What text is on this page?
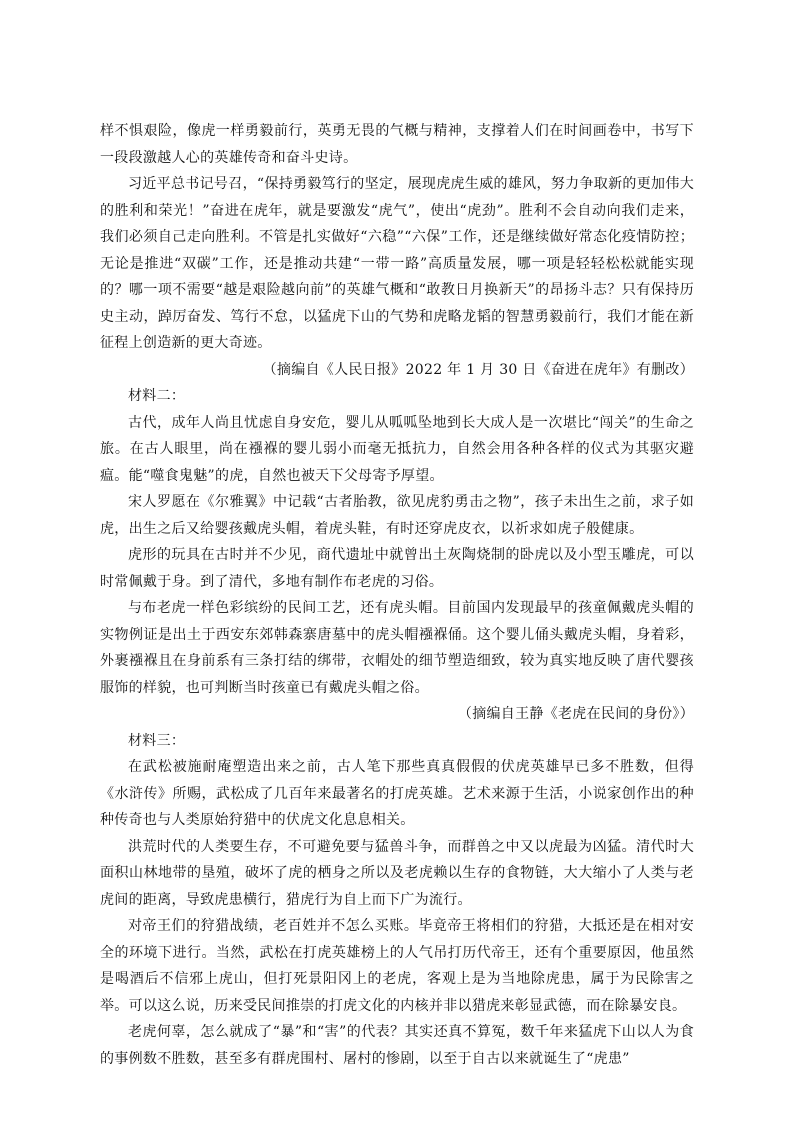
样不惧艰险，像虎一样勇毅前行，英勇无畏的气概与精神，支撑着人们在时间画卷中，书写下一段段激越人心的英雄传奇和奋斗史诗。

习近平总书记号召，“保持勇毅笃行的坚定，展现虎虎生威的雄风，努力争取新的更加伟大的胜利和荣光！”奋进在虎年，就是要激发“虎气”，使出“虎劲”。胜利不会自动向我们走来，我们必须自己走向胜利。不管是扎实做好“六稳”“六保”工作，还是继续做好常态化疫情防控；无论是推进“双碳”工作，还是推动共建“一带一路”高质量发展，哪一项是轻轻松松就能实现的？哪一项不需要“越是艰险越向前”的英雄气概和“敢教日月换新天”的昂扬斗志？只有保持历史主动，踔厉奋发、笃行不怠，以猛虎下山的气势和虎略龙韬的智慧勇毅前行，我们才能在新征程上创造新的更大奇迹。

（摘编自《人民日报》2022 年 1 月 30 日《奋进在虎年》有删改）

材料二：

古代，成年人尚且忧虑自身安危，婴儿从呱呱坠地到长大成人是一次堪比“闯关”的生命之旅。在古人眼里，尚在襁褓的婴儿弱小而毫无抵抗力，自然会用各种各样的仪式为其驱灾避瘟。能“噬食鬼魅”的虎，自然也被天下父母寄予厚望。

宋人罗愿在《尔雅翼》中记载“古者胎教，欲见虎豹勇击之物”，孩子未出生之前，求子如虎，出生之后又给婴孩戴虎头帽，着虎头鞋，有时还穿虎皮衣，以祈求如虎子般健康。

虎形的玩具在古时并不少见，商代遗址中就曾出土灰陶烧制的卧虎以及小型玉雕虎，可以时常佩戴于身。到了清代，多地有制作布老虎的习俗。

与布老虎一样色彩缤纷的民间工艺，还有虎头帽。目前国内发现最早的孩童佩戴虎头帽的实物例证是出土于西安东郊韩森寨唐墓中的虎头帽襁褓俑。这个婴儿俑头戴虎头帽，身着彩，外裹襁褓且在身前系有三条打结的绑带，衣帽处的细节塑造细致，较为真实地反映了唐代婴孩服饰的样貌，也可判断当时孩童已有戴虎头帽之俗。

（摘编自王静《老虎在民间的身份》）

材料三：

在武松被施耐庵塑造出来之前，古人笔下那些真真假假的伏虎英雄早已多不胜数，但得《水浒传》所赐，武松成了几百年来最著名的打虎英雄。艺术来源于生活，小说家创作出的种种传奇也与人类原始狩猎中的伏虎文化息息相关。

洪荒时代的人类要生存，不可避免要与猛兽斗争，而群兽之中又以虎最为凶猛。清代时大面积山林地带的垦殖，破坏了虎的栖身之所以及老虎赖以生存的食物链，大大缩小了人类与老虎间的距离，导致虎患横行，猎虎行为自上而下广为流行。

对帝王们的狩猎战绩，老百姓并不怎么买账。毕竟帝王将相们的狩猎，大抵还是在相对安全的环境下进行。当然，武松在打虎英雄榜上的人气吊打历代帝王，还有个重要原因，他虽然是喝酒后不信邪上虎山，但打死景阳冈上的老虎，客观上是为当地除虎患，属于为民除害之举。可以这么说，历来受民间推崇的打虎文化的内核并非以猎虎来彰显武德，而在除暴安良。

老虎何辜，怎么就成了“暴”和“害”的代表？其实还真不算冤，数千年来猛虎下山以人为食的事例数不胜数，甚至多有群虎围村、屠村的惨剧，以至于自古以来就诞生了“虎患”
